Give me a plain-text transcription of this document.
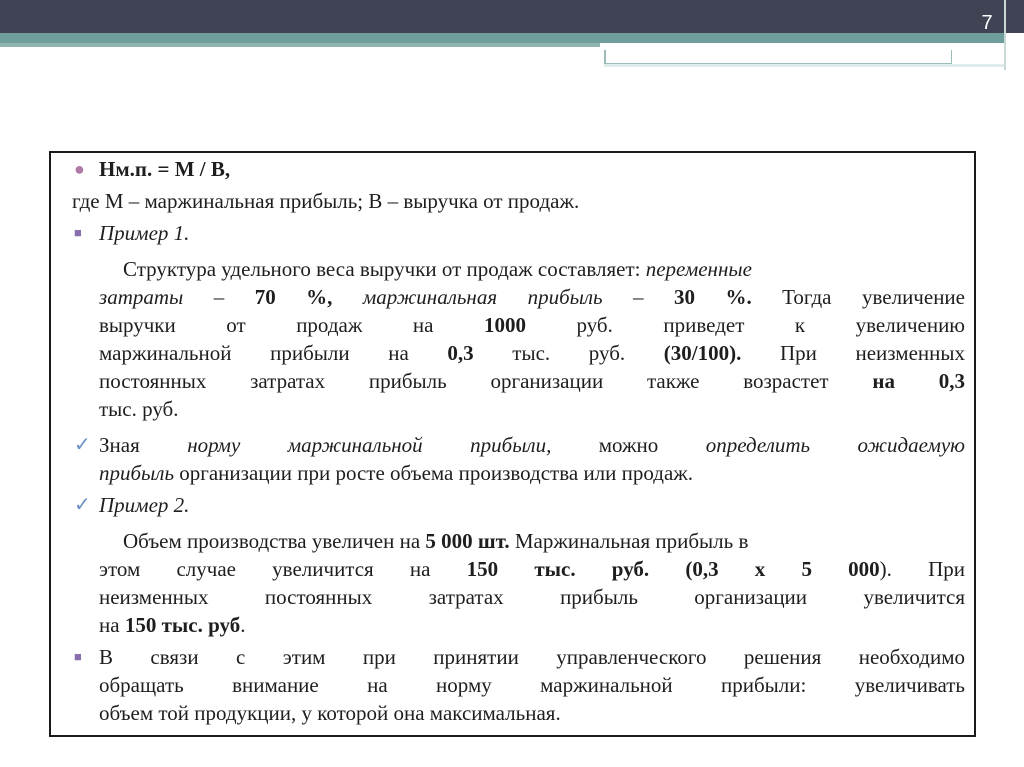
7
● Нм.п. = М / В,
где М – маржинальная прибыль; В – выручка от продаж.
■ Пример 1.
Структура удельного веса выручки от продаж составляет: переменные
затраты – 70 %, маржинальная прибыль – 30 %. Тогда увеличение
выручки от продаж на 1000 руб. приведет к увеличению
маржинальной прибыли на 0,3 тыс. руб. (30/100). При неизменных
постоянных затратах прибыль организации также возрастет на 0,3
тыс. руб.
✓ Зная норму маржинальной прибыли, можно определить ожидаемую
прибыль организации при росте объема производства или продаж.
✓ Пример 2.
Объем производства увеличен на 5 000 шт. Маржинальная прибыль в
этом случае увеличится на 150 тыс. руб. (0,3 х 5 000). При
неизменных постоянных затратах прибыль организации увеличится
на 150 тыс. руб.
■ В связи с этим при принятии управленческого решения необходимо
обращать внимание на норму маржинальной прибыли: увеличивать
объем той продукции, у которой она максимальная.
